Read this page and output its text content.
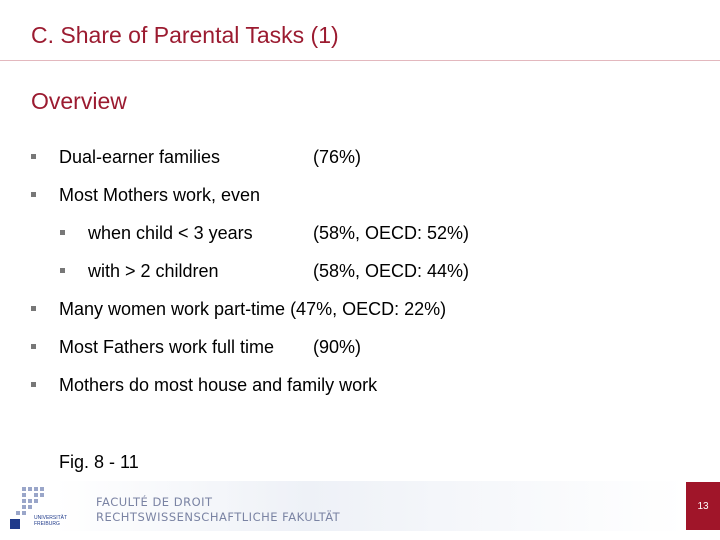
C. Share of Parental Tasks (1)
Overview
Dual-earner families	(76%)
Most Mothers work, even
when child < 3 years	(58%, OECD: 52%)
with > 2 children	(58%, OECD: 44%)
Many women work part-time (47%, OECD: 22%)
Most Fathers work full time (90%)
Mothers do most house and family work
Fig. 8 - 11
UNIVERSITÄT
FREIBURG
FACULTÉ DE DROIT
RECHTSWISSENSCHAFTLICHE FAKULTÄT
13
